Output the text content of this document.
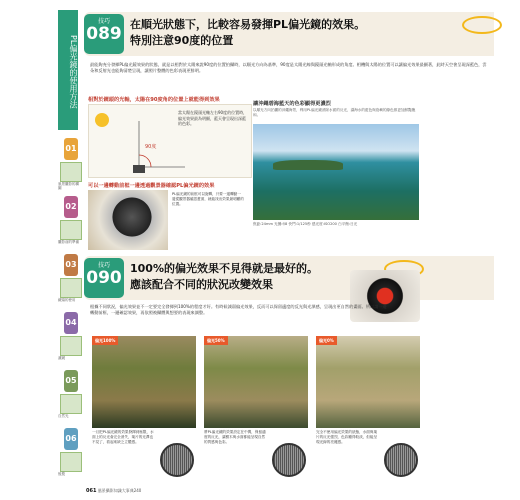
PL偏光鏡的使用方法
01
風景攝影的構圖
02
攝影前的準備
03
鏡頭的使用
04
濾鏡
05
自然光
06
後製
技巧
089 在順光狀態下，比較容易發揮PL偏光鏡的效果。
特別注意90度的位置
最能夠充分發揮PL偏光鏡效果的狀態，就是以相對於太陽來說90度的位置拍攝時，以順光方向為基準，90度是太陽光線與鏡頭光軸形成的角度。相機與太陽的位置可以讓偏光效果最顯著，此時天空會呈現深藍色，雲朵和反射光也能夠清楚呈現，讓照片整體的色彩表現更鮮明。
相對於鏡頭的光軸，太陽在90度角的位置上就能得到效果
90度
當太陽在鏡頭光軸左右90度的位置時，偏光效果最為明顯，藍天會呈現出深藍的色彩。
讓沖繩碧海藍天的色彩顯得更濃烈
以順光方向拍攝的沖繩海景，利用PL偏光鏡消除水面的反光，讓海水的藍色與島嶼的綠色都更加鮮豔飽和。
焦距:24mm 光圈:f/8 快門:1/125秒 感光度:ISO200 白平衡:日光
可以一邊轉動前框一邊透過觀景器確認PL偏光鏡的效果
PL偏光鏡的前框可以旋轉，只要一邊轉動一邊從觀景器確認畫面，就能找出效果最明顯的位置。
技巧
090 100%的偏光效果不見得就是最好的。
應該配合不同的狀況改變效果
根據不同狀況，偏光效果並不一定要完全發揮到100%的程度才好。有時候減弱偏光效果，反而可以保留適度的反光與光澤感，呈現出更自然的畫面。所以請一邊轉動前框，一邊確認效果，再依照被攝體與想要的表現來調整。
偏光100%	偏光50%	偏光0%
一旦把PL偏光鏡的效果發揮到極限，水面上的反光會完全消失，葉片的光澤也不見了，看起來缺乏立體感。
將PL偏光鏡的效果設定在中間，保留適度的反光，讓樹木與水面都能呈現自然的質感與色彩。
完全不使用偏光效果的狀態，水面與葉片的反光強烈，色彩顯得較淡，但能呈現光線的亮麗感。
061 風景攝影知識大事典240
